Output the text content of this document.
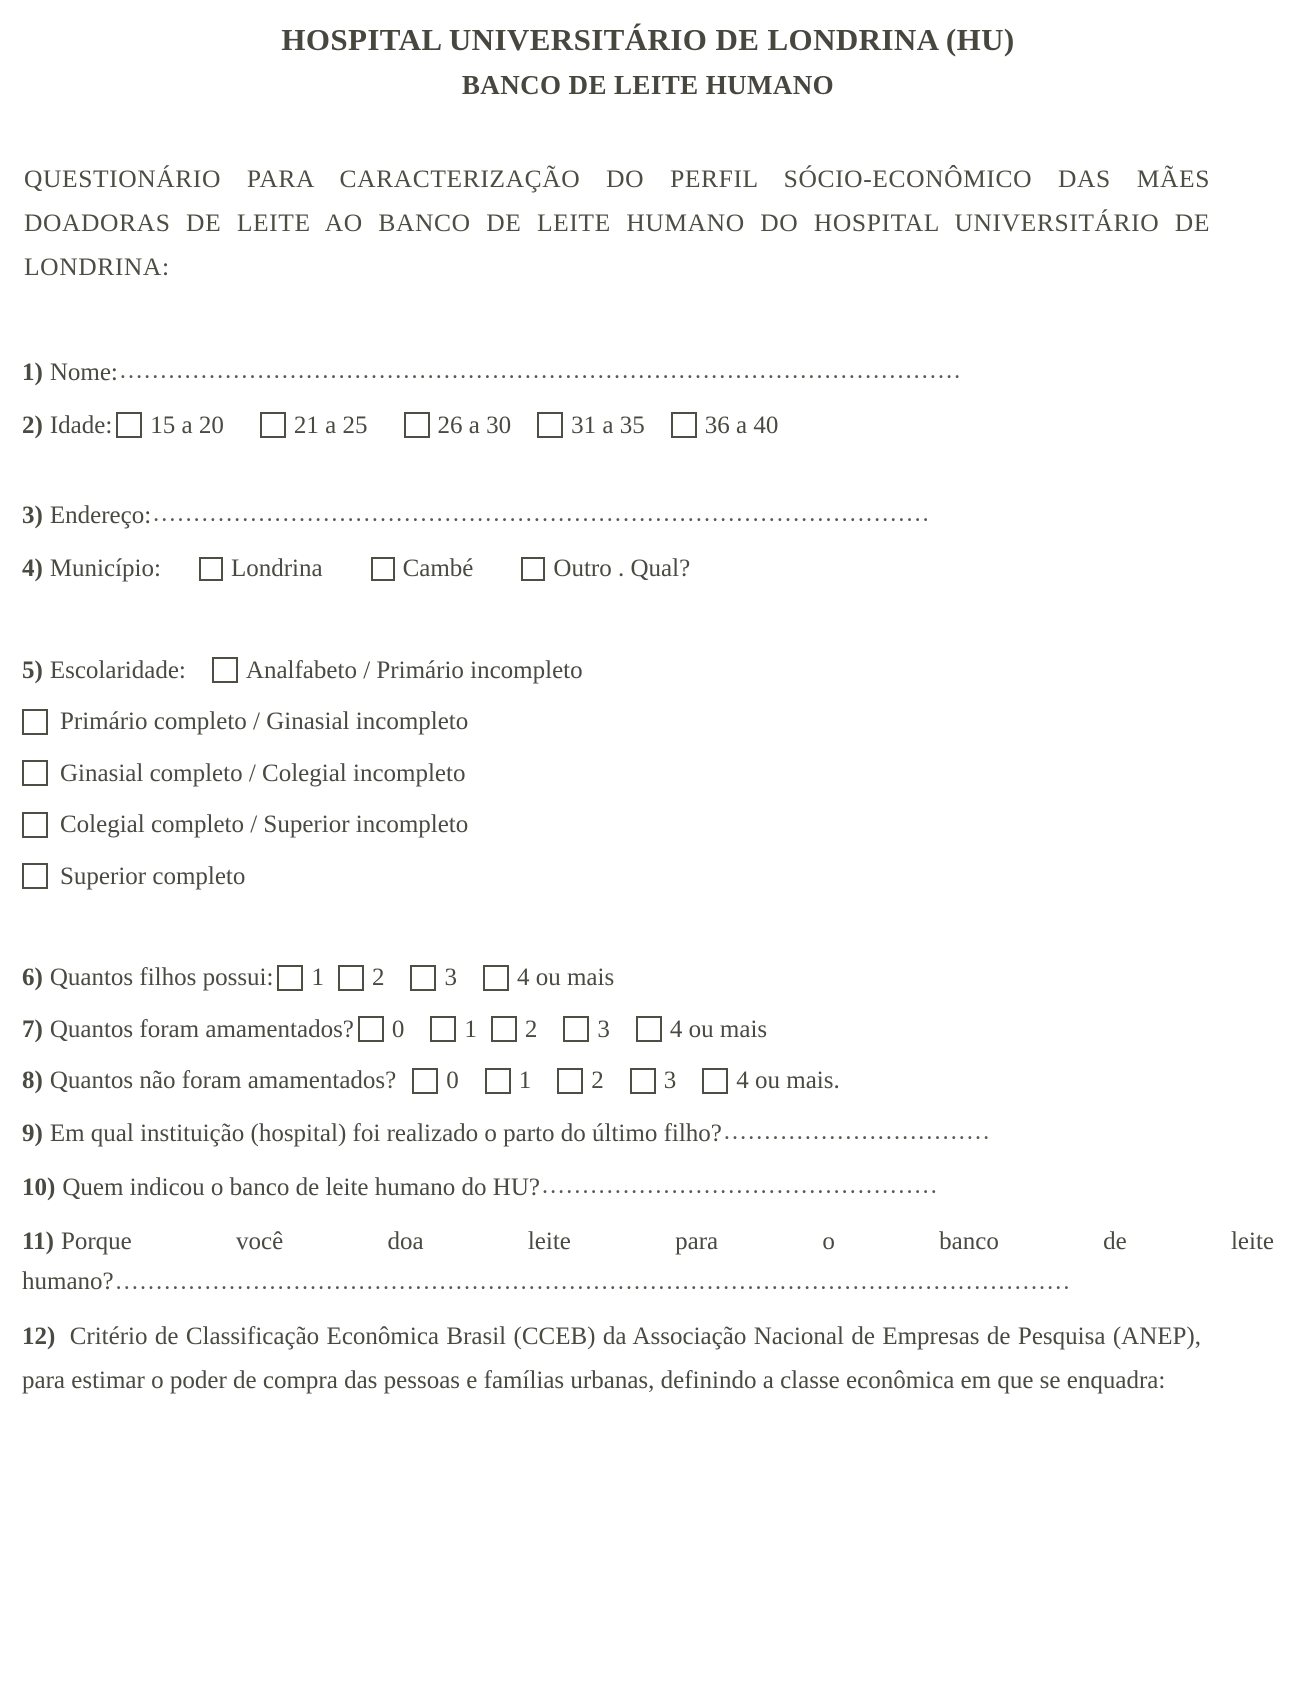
HOSPITAL UNIVERSITÁRIO DE LONDRINA (HU)
BANCO DE LEITE HUMANO
QUESTIONÁRIO PARA CARACTERIZAÇÃO DO PERFIL SÓCIO-ECONÔMICO DAS MÃES DOADORAS DE LEITE AO BANCO DE LEITE HUMANO DO HOSPITAL UNIVERSITÁRIO DE LONDRINA:
1) Nome: ........................................................................................................
2) Idade: 15 a 20	21 a 25	26 a 30 31 a 35 36 a 40
3) Endereço: ................................................................................................
4) Município:	Londrina	Cambé	Outro . Qual?
5) Escolaridade: Analfabeto / Primário incompleto
Primário completo / Ginasial incompleto
Ginasial completo / Colegial incompleto
Colegial completo / Superior incompleto
Superior completo
6) Quantos filhos possui: 1 2 3 4 ou mais
7) Quantos foram amamentados? 0 1 2 3 4 ou mais
8) Quantos não foram amamentados? 0 1 2 3 4 ou mais.
9) Em qual instituição (hospital) foi realizado o parto do último filho? .................................
10) Quem indicou o banco de leite humano do HU? .................................................
11) Porque	você	doa	leite	para	o	banco	de	leite
humano? ......................................................................................................................
12) Critério de Classificação Econômica Brasil (CCEB) da Associação Nacional de Empresas de Pesquisa (ANEP), para estimar o poder de compra das pessoas e famílias urbanas, definindo a classe econômica em que se enquadra:
